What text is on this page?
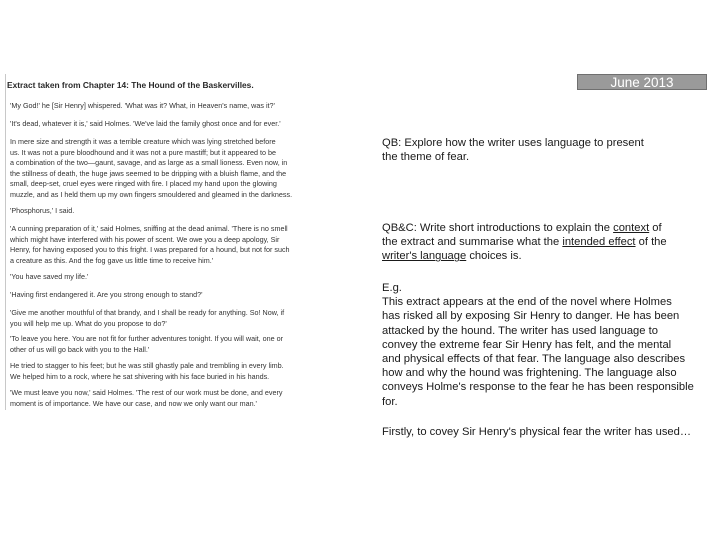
Extract taken from Chapter 14: The Hound of the Baskervilles.
'My God!' he [Sir Henry] whispered. 'What was it? What, in Heaven's name, was it?'
'It's dead, whatever it is,' said Holmes. 'We've laid the family ghost once and for ever.'
In mere size and strength it was a terrible creature which was lying stretched before
us. It was not a pure bloodhound and it was not a pure mastiff; but it appeared to be
a combination of the two—gaunt, savage, and as large as a small lioness. Even now, in
the stillness of death, the huge jaws seemed to be dripping with a bluish flame, and the
small, deep-set, cruel eyes were ringed with fire. I placed my hand upon the glowing
muzzle, and as I held them up my own fingers smouldered and gleamed in the darkness.
'Phosphorus,' I said.
'A cunning preparation of it,' said Holmes, sniffing at the dead animal. 'There is no smell
which might have interfered with his power of scent. We owe you a deep apology, Sir
Henry, for having exposed you to this fright. I was prepared for a hound, but not for such
a creature as this. And the fog gave us little time to receive him.'
'You have saved my life.'
'Having first endangered it. Are you strong enough to stand?'
'Give me another mouthful of that brandy, and I shall be ready for anything. So! Now, if
you will help me up. What do you propose to do?'
'To leave you here. You are not fit for further adventures tonight. If you will wait, one or
other of us will go back with you to the Hall.'
He tried to stagger to his feet; but he was still ghastly pale and trembling in every limb.
We helped him to a rock, where he sat shivering with his face buried in his hands.
'We must leave you now,' said Holmes. 'The rest of our work must be done, and every
moment is of importance. We have our case, and now we only want our man.'
June 2013
QB: Explore how the writer uses language to present
the theme of fear.
QB&C: Write short introductions to explain the context of
the extract and summarise what the intended effect of the
writer's language choices is.
E.g.
This extract appears at the end of the novel where Holmes
has risked all by exposing Sir Henry to danger. He has been
attacked by the hound. The writer has used language to
convey the extreme fear Sir Henry has felt, and the mental
and physical effects of that fear. The language also describes
how and why the hound was frightening. The language also
conveys Holme's response to the fear he has been responsible
for.
Firstly, to covey Sir Henry's physical fear the writer has used…
